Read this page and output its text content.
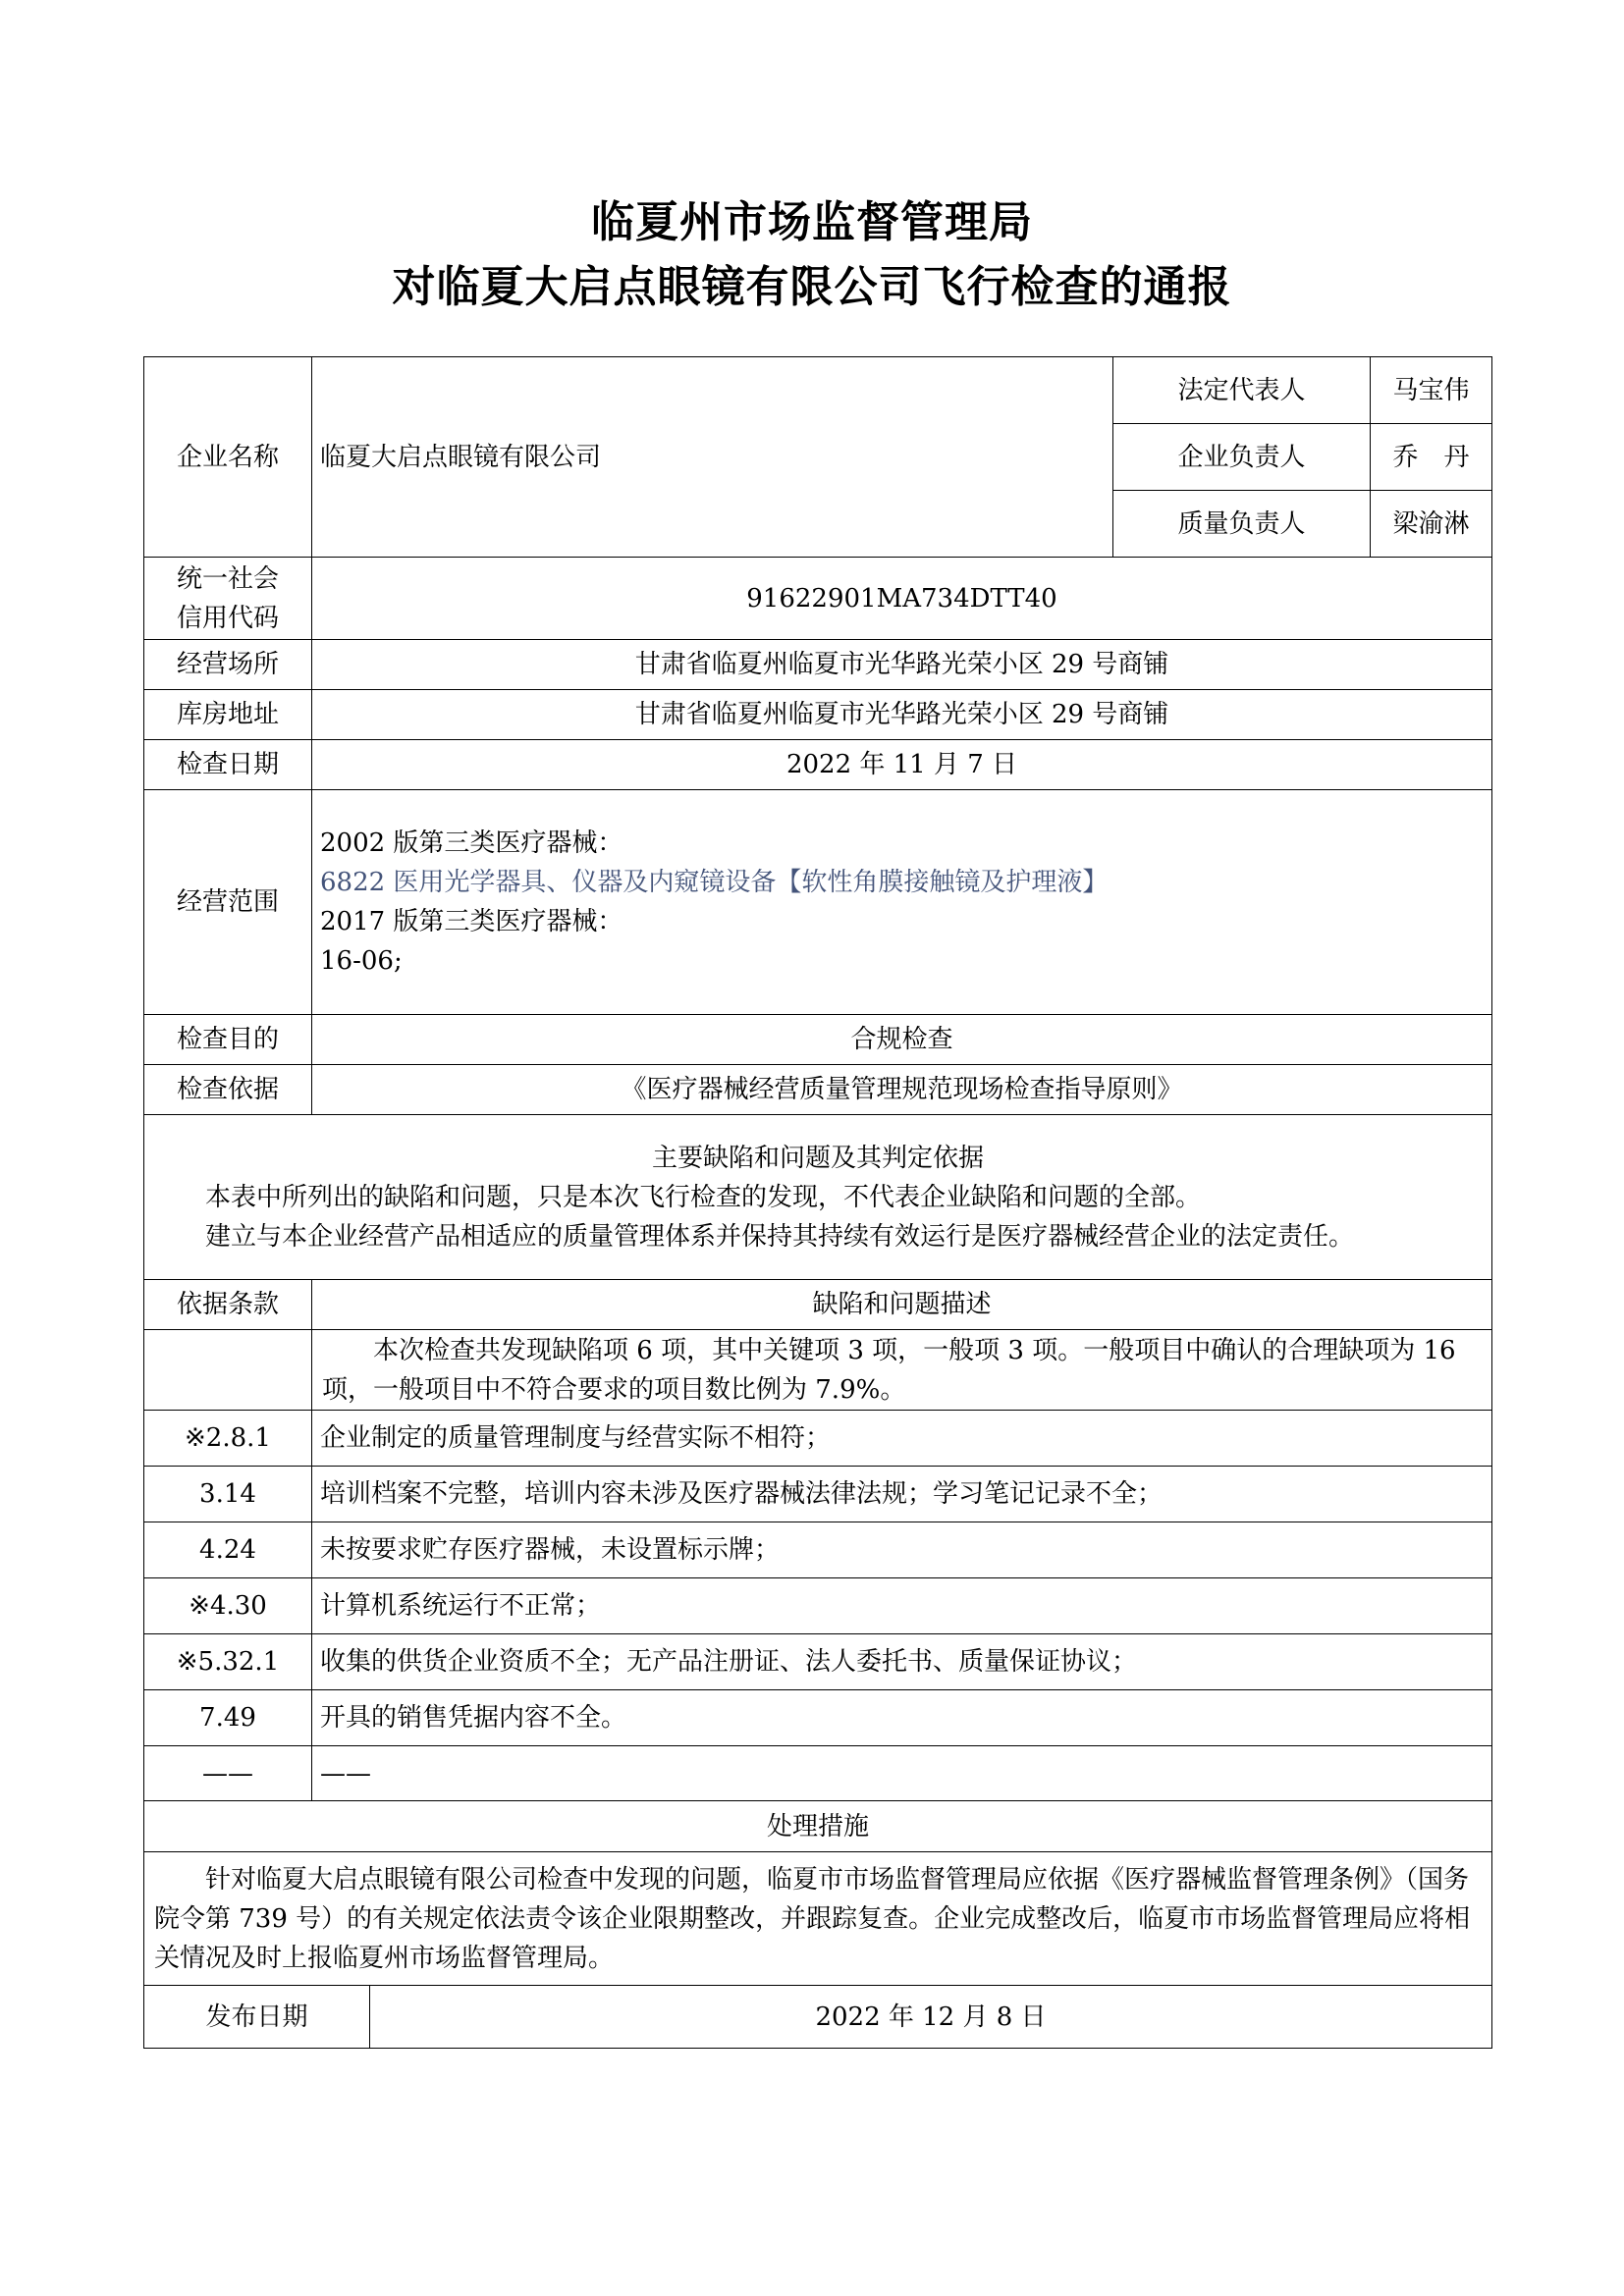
临夏州市场监督管理局
对临夏大启点眼镜有限公司飞行检查的通报
企业名称	临夏大启点眼镜有限公司		法定代表人	马宝伟
			企业负责人	乔　丹
			质量负责人	梁渝淋

统一社会
信用代码	91622901MA734DTT40			
经营场所	甘肃省临夏州临夏市光华路光荣小区 29 号商铺			
库房地址	甘肃省临夏州临夏市光华路光荣小区 29 号商铺			
检查日期	2022 年 11 月 7 日			
经营范围	2002 版第三类医疗器械：
6822 医用光学器具、仪器及内窥镜设备【软性角膜接触镜及护理液】
2017 版第三类医疗器械：
16-06;			

检查目的	合规检查			
检查依据	《医疗器械经营质量管理规范现场检查指导原则》			

主要缺陷和问题及其判定依据
本表中所列出的缺陷和问题，只是本次飞行检查的发现，不代表企业缺陷和问题的全部。
建立与本企业经营产品相适应的质量管理体系并保持其持续有效运行是医疗器械经营企业的法定责任。				

依据条款	缺陷和问题描述			
	本次检查共发现缺陷项 6 项，其中关键项 3 项，一般项 3 项。一般项目中确认的合理缺项为 16 项，一般项目中不符合要求的项目数比例为 7.9%。			
※2.8.1	企业制定的质量管理制度与经营实际不相符；			
3.14	培训档案不完整，培训内容未涉及医疗器械法律法规；学习笔记记录不全；			
4.24	未按要求贮存医疗器械，未设置标示牌；			
※4.30	计算机系统运行不正常；			
※5.32.1	收集的供货企业资质不全；无产品注册证、法人委托书、质量保证协议；			
7.49	开具的销售凭据内容不全。			
——	——			
处理措施				
针对临夏大启点眼镜有限公司检查中发现的问题，临夏市市场监督管理局应依据《医疗器械监督管理条例》（国务院令第 739 号）的有关规定依法责令该企业限期整改，并跟踪复查。企业完成整改后，临夏市市场监督管理局应将相关情况及时上报临夏州市场监督管理局。				
发布日期		2022 年 12 月 8 日		
